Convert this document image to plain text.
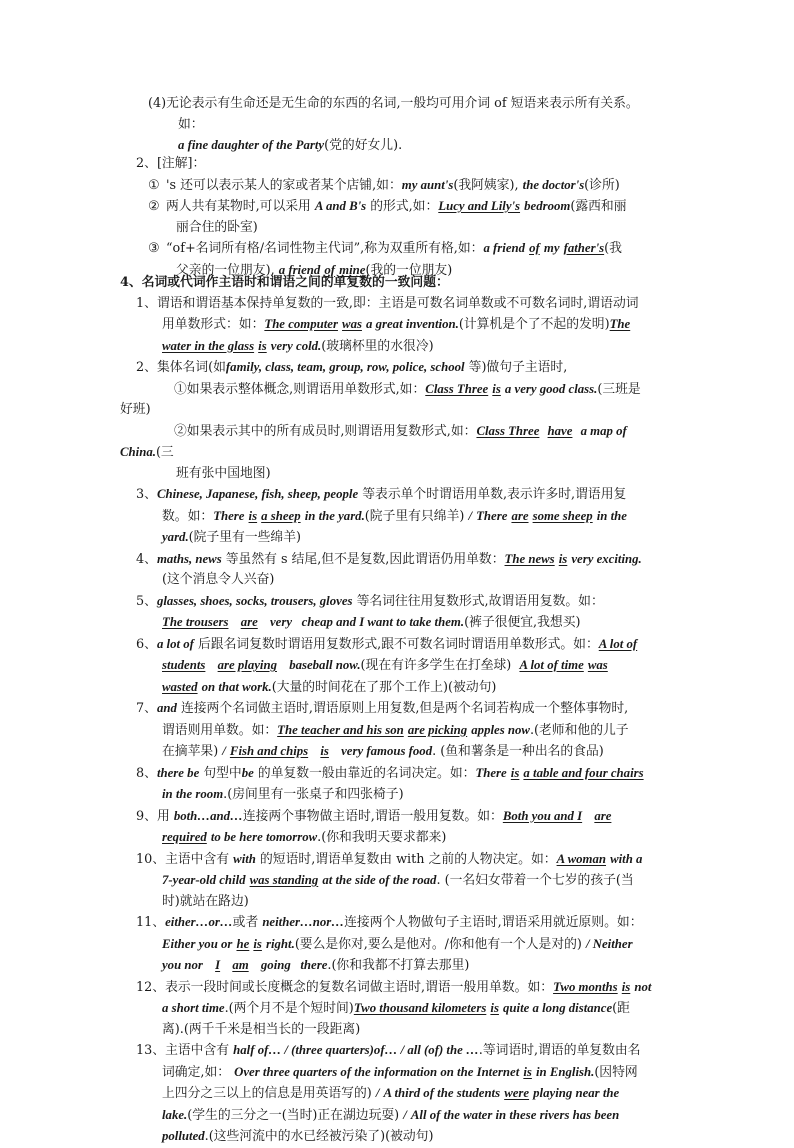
(4)无论表示有生命还是无生命的东西的名词,一般均可用介词 of 短语来表示所有关系。
如：
a fine daughter of the Party(党的好女儿).
2、[注解]：
① 's 还可以表示某人的家或者某个店铺,如：my aunt's(我阿姨家), the doctor's(诊所)
② 两人共有某物时,可以采用 A and B's 的形式,如：Lucy and Lily's bedroom(露西和丽
丽合住的卧室)
③ “of+名词所有格/名词性物主代词”,称为双重所有格,如：a friend of my father's(我
父亲的一位朋友), a friend of mine(我的一位朋友)
4、名词或代词作主语时和谓语之间的单复数的一致问题：
1、谓语和谓语基本保持单复数的一致,即：主语是可数名词单数或不可数名词时,谓语动词
用单数形式：如：The computer was a great invention.(计算机是个了不起的发明)The
water in the glass is very cold.(玻璃杯里的水很冷)
2、集体名词(如family, class, team, group, row, police, school 等)做句子主语时,
①如果表示整体概念,则谓语用单数形式,如：Class Three is a very good class.(三班是
好班)
②如果表示其中的所有成员时,则谓语用复数形式,如：Class Three have a map of
China.(三
班有张中国地图)
3、Chinese, Japanese, fish, sheep, people 等表示单个时谓语用单数,表示许多时,谓语用复
数。如：There is a sheep in the yard.(院子里有只绵羊) / There are some sheep in the
yard.(院子里有一些绵羊)
4、maths, news 等虽然有 s 结尾,但不是复数,因此谓语仍用单数：The news is very exciting.
(这个消息令人兴奋)
5、glasses, shoes, socks, trousers, gloves 等名词往往用复数形式,故谓语用复数。如：
The trousers are very   cheap and I want to take them.(裤子很便宜,我想买)
6、a lot of 后跟名词复数时谓语用复数形式,跟不可数名词时谓语用单数形式。如：A lot of
students are playing baseball now.(现在有许多学生在打垒球) A lot of time was
wasted on that work.(大量的时间花在了那个工作上)(被动句)
7、and 连接两个名词做主语时,谓语原则上用复数,但是两个名词若构成一个整体事物时,
谓语则用单数。如：The teacher and his son are picking apples now.(老师和他的儿子
在摘苹果) / Fish and chips is very famous food. (鱼和薯条是一种出名的食品)
8、there be 句型中be 的单复数一般由靠近的名词决定。如：There is a table and four chairs
in the room.(房间里有一张桌子和四张椅子)
9、用 both…and…连接两个事物做主语时,谓语一般用复数。如：Both you and I are
required to be here tomorrow.(你和我明天要求都来)
10、主语中含有 with 的短语时,谓语单复数由 with 之前的人物决定。如：A woman with a
7-year-old child was standing at the side of the road. (一名妇女带着一个七岁的孩子(当
时)就站在路边)
11、either…or…或者 neither…nor…连接两个人物做句子主语时,谓语采用就近原则。如：
Either you or he is right.(要么是你对,要么是他对。/你和他有一个人是对的) / Neither
you nor I am going   there.(你和我都不打算去那里)
12、表示一段时间或长度概念的复数名词做主语时,谓语一般用单数。如：Two months is not
a short time.(两个月不是个短时间)Two thousand kilometers is quite a long distance(距
离).(两千千米是相当长的一段距离)
13、主语中含有 half of… / (three quarters)of… / all (of) the ….等词语时,谓语的单复数由名
词确定,如： Over three quarters of the information on the Internet is in English.(因特网
上四分之三以上的信息是用英语写的) / A third of the students were playing near the
lake.(学生的三分之一(当时)正在湖边玩耍) / All of the water in these rivers has been
polluted.(这些河流中的水已经被污染了)(被动句)
